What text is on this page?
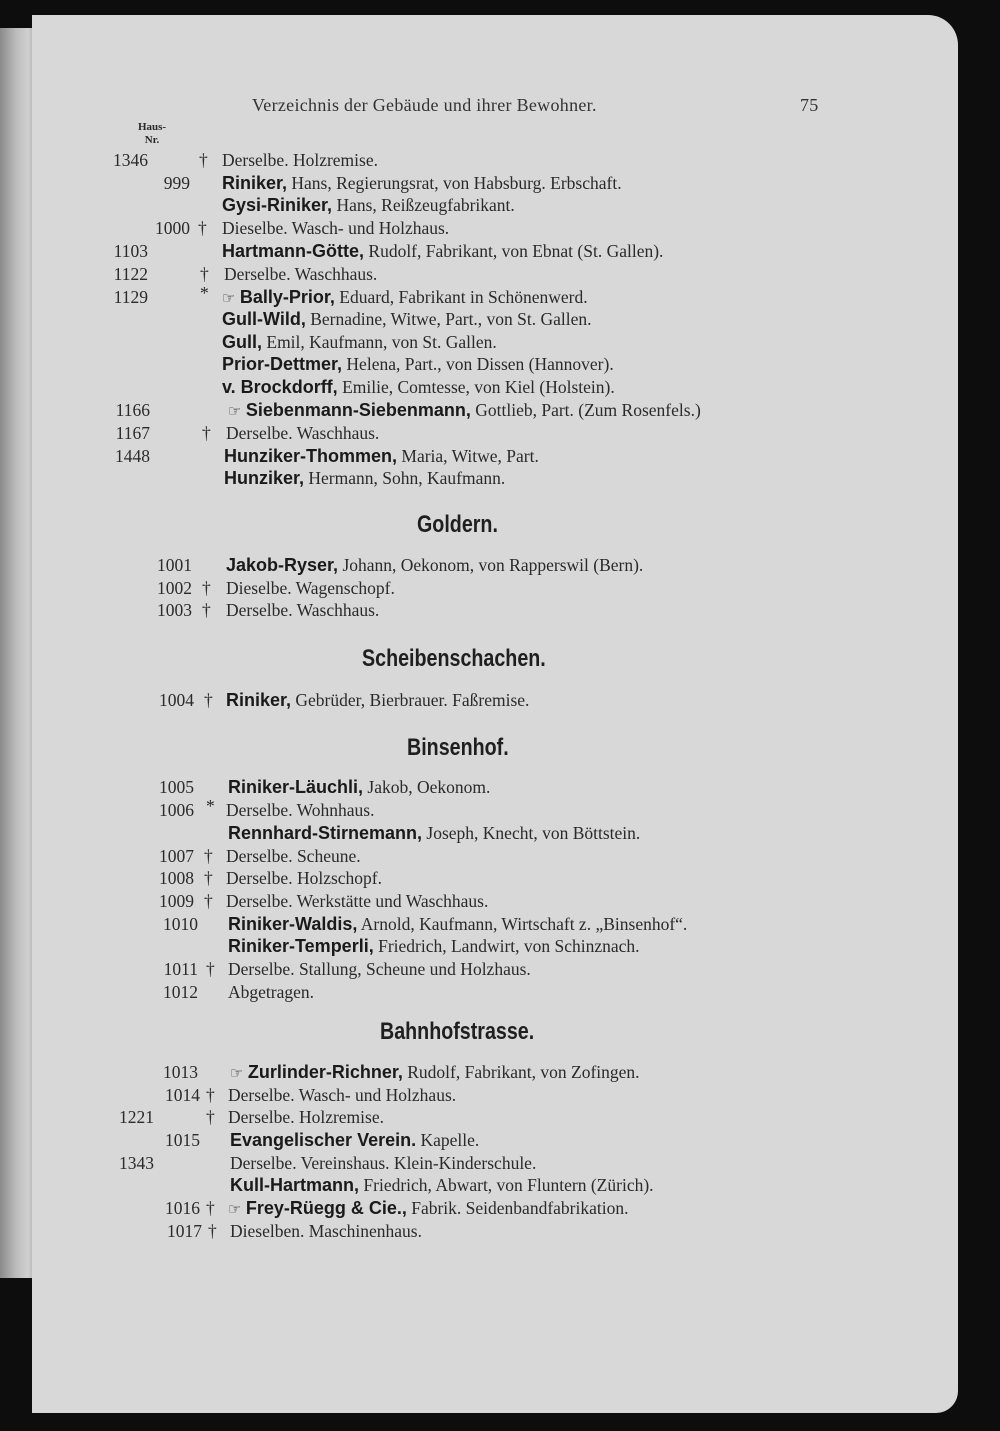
Verzeichnis der Gebäude und ihrer Bewohner.	75
Haus-
Nr.
1346	† Derselbe. Holzremise.
999 Riniker, Hans, Regierungsrat, von Habsburg. Erbschaft.
Gysi-Riniker, Hans, Reißzeugfabrikant.
1000 † Dieselbe. Wasch- und Holzhaus.
1103	Hartmann-Götte, Rudolf, Fabrikant, von Ebnat (St. Gallen).
1122	† Derselbe. Waschhaus.
1129	* ☞ Bally-Prior, Eduard, Fabrikant in Schönenwerd.
Gull-Wild, Bernadine, Witwe, Part., von St. Gallen.
Gull, Emil, Kaufmann, von St. Gallen.
Prior-Dettmer, Helena, Part., von Dissen (Hannover).
v. Brockdorff, Emilie, Comtesse, von Kiel (Holstein).
1166	☞ Siebenmann-Siebenmann, Gottlieb, Part. (Zum Rosenfels.)
1167	† Derselbe. Waschhaus.
1448	Hunziker-Thommen, Maria, Witwe, Part.
Hunziker, Hermann, Sohn, Kaufmann.
Goldern.
1001 Jakob-Ryser, Johann, Oekonom, von Rapperswil (Bern).
1002 † Dieselbe. Wagenschopf.
1003 † Derselbe. Waschhaus.
Scheibenschachen.
1004 † Riniker, Gebrüder, Bierbrauer. Faßremise.
Binsenhof.
1005 Riniker-Läuchli, Jakob, Oekonom.
1006 * Derselbe. Wohnhaus.
Rennhard-Stirnemann, Joseph, Knecht, von Böttstein.
1007 † Derselbe. Scheune.
1008 † Derselbe. Holzschopf.
1009 † Derselbe. Werkstätte und Waschhaus.
1010 Riniker-Waldis, Arnold, Kaufmann, Wirtschaft z. „Binsenhof“.
Riniker-Temperli, Friedrich, Landwirt, von Schinznach.
1011 † Derselbe. Stallung, Scheune und Holzhaus.
1012 Abgetragen.
Bahnhofstrasse.
1013 ☞ Zurlinder-Richner, Rudolf, Fabrikant, von Zofingen.
1014 † Derselbe. Wasch- und Holzhaus.
1221	† Derselbe. Holzremise.
1015 Evangelischer Verein. Kapelle.
1343	Derselbe. Vereinshaus. Klein-Kinderschule.
Kull-Hartmann, Friedrich, Abwart, von Fluntern (Zürich).
1016 † ☞ Frey-Rüegg & Cie., Fabrik. Seidenbandfabrikation.
1017 † Dieselben. Maschinenhaus.
